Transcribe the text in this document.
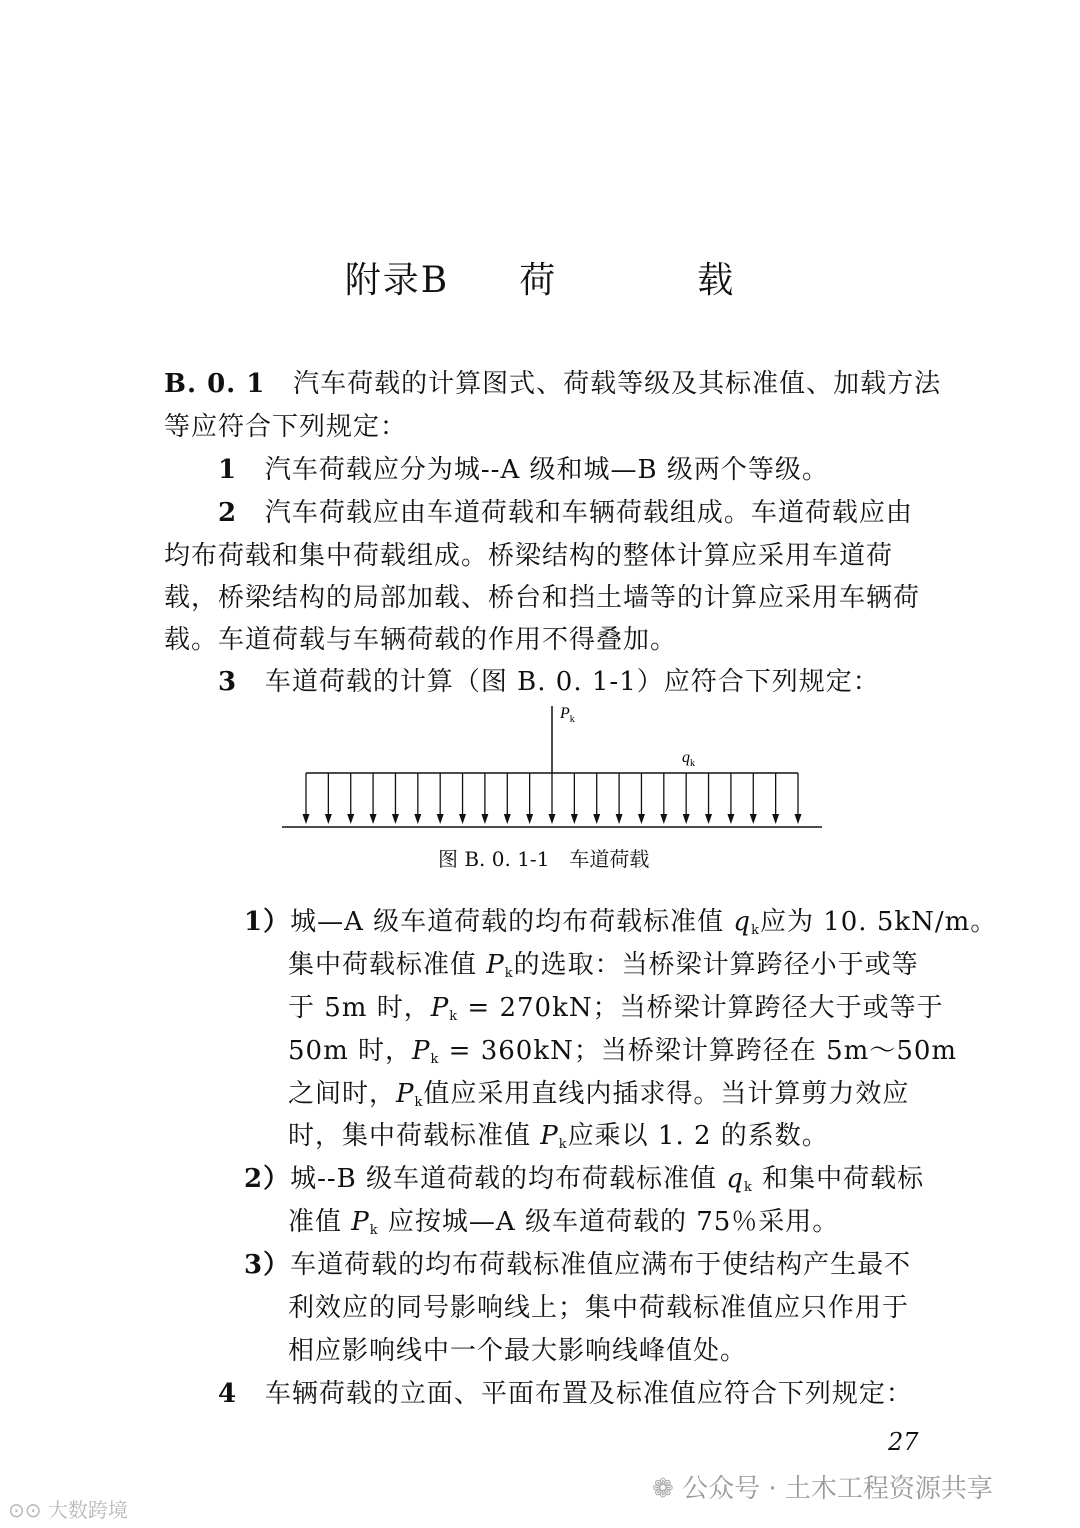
附录B 荷	载
B. 0. 1 汽车荷载的计算图式、荷载等级及其标准值、加载方法
等应符合下列规定：
1 汽车荷载应分为城--A 级和城—B 级两个等级。
2 汽车荷载应由车道荷载和车辆荷载组成。车道荷载应由
均布荷载和集中荷载组成。桥梁结构的整体计算应采用车道荷
载，桥梁结构的局部加载、桥台和挡土墙等的计算应采用车辆荷
载。车道荷载与车辆荷载的作用不得叠加。
3 车道荷载的计算（图 B. 0. 1-1）应符合下列规定：
$P_k$
$q_k$
图 B. 0. 1-1　车道荷载
1）城—A 级车道荷载的均布荷载标准值 $q_k$应为 10. 5kN/m。
集中荷载标准值 $P_k$的选取：当桥梁计算跨径小于或等
于 5m 时，$P_k = 270kN$；当桥梁计算跨径大于或等于
50m 时，$P_k = 360kN$；当桥梁计算跨径在 5m～50m
之间时，$P_k$值应采用直线内插求得。当计算剪力效应
时，集中荷载标准值 $P_k$应乘以 1. 2 的系数。
2）城--B 级车道荷载的均布荷载标准值 $q_k$ 和集中荷载标
准值 $P_k$ 应按城—A 级车道荷载的 75％采用。
3）车道荷载的均布荷载标准值应满布于使结构产生最不
利效应的同号影响线上；集中荷载标准值应只作用于
相应影响线中一个最大影响线峰值处。
4 车辆荷载的立面、平面布置及标准值应符合下列规定：
27
⊙⊙ 大数跨境
❁ 公众号 · 土木工程资源共享
